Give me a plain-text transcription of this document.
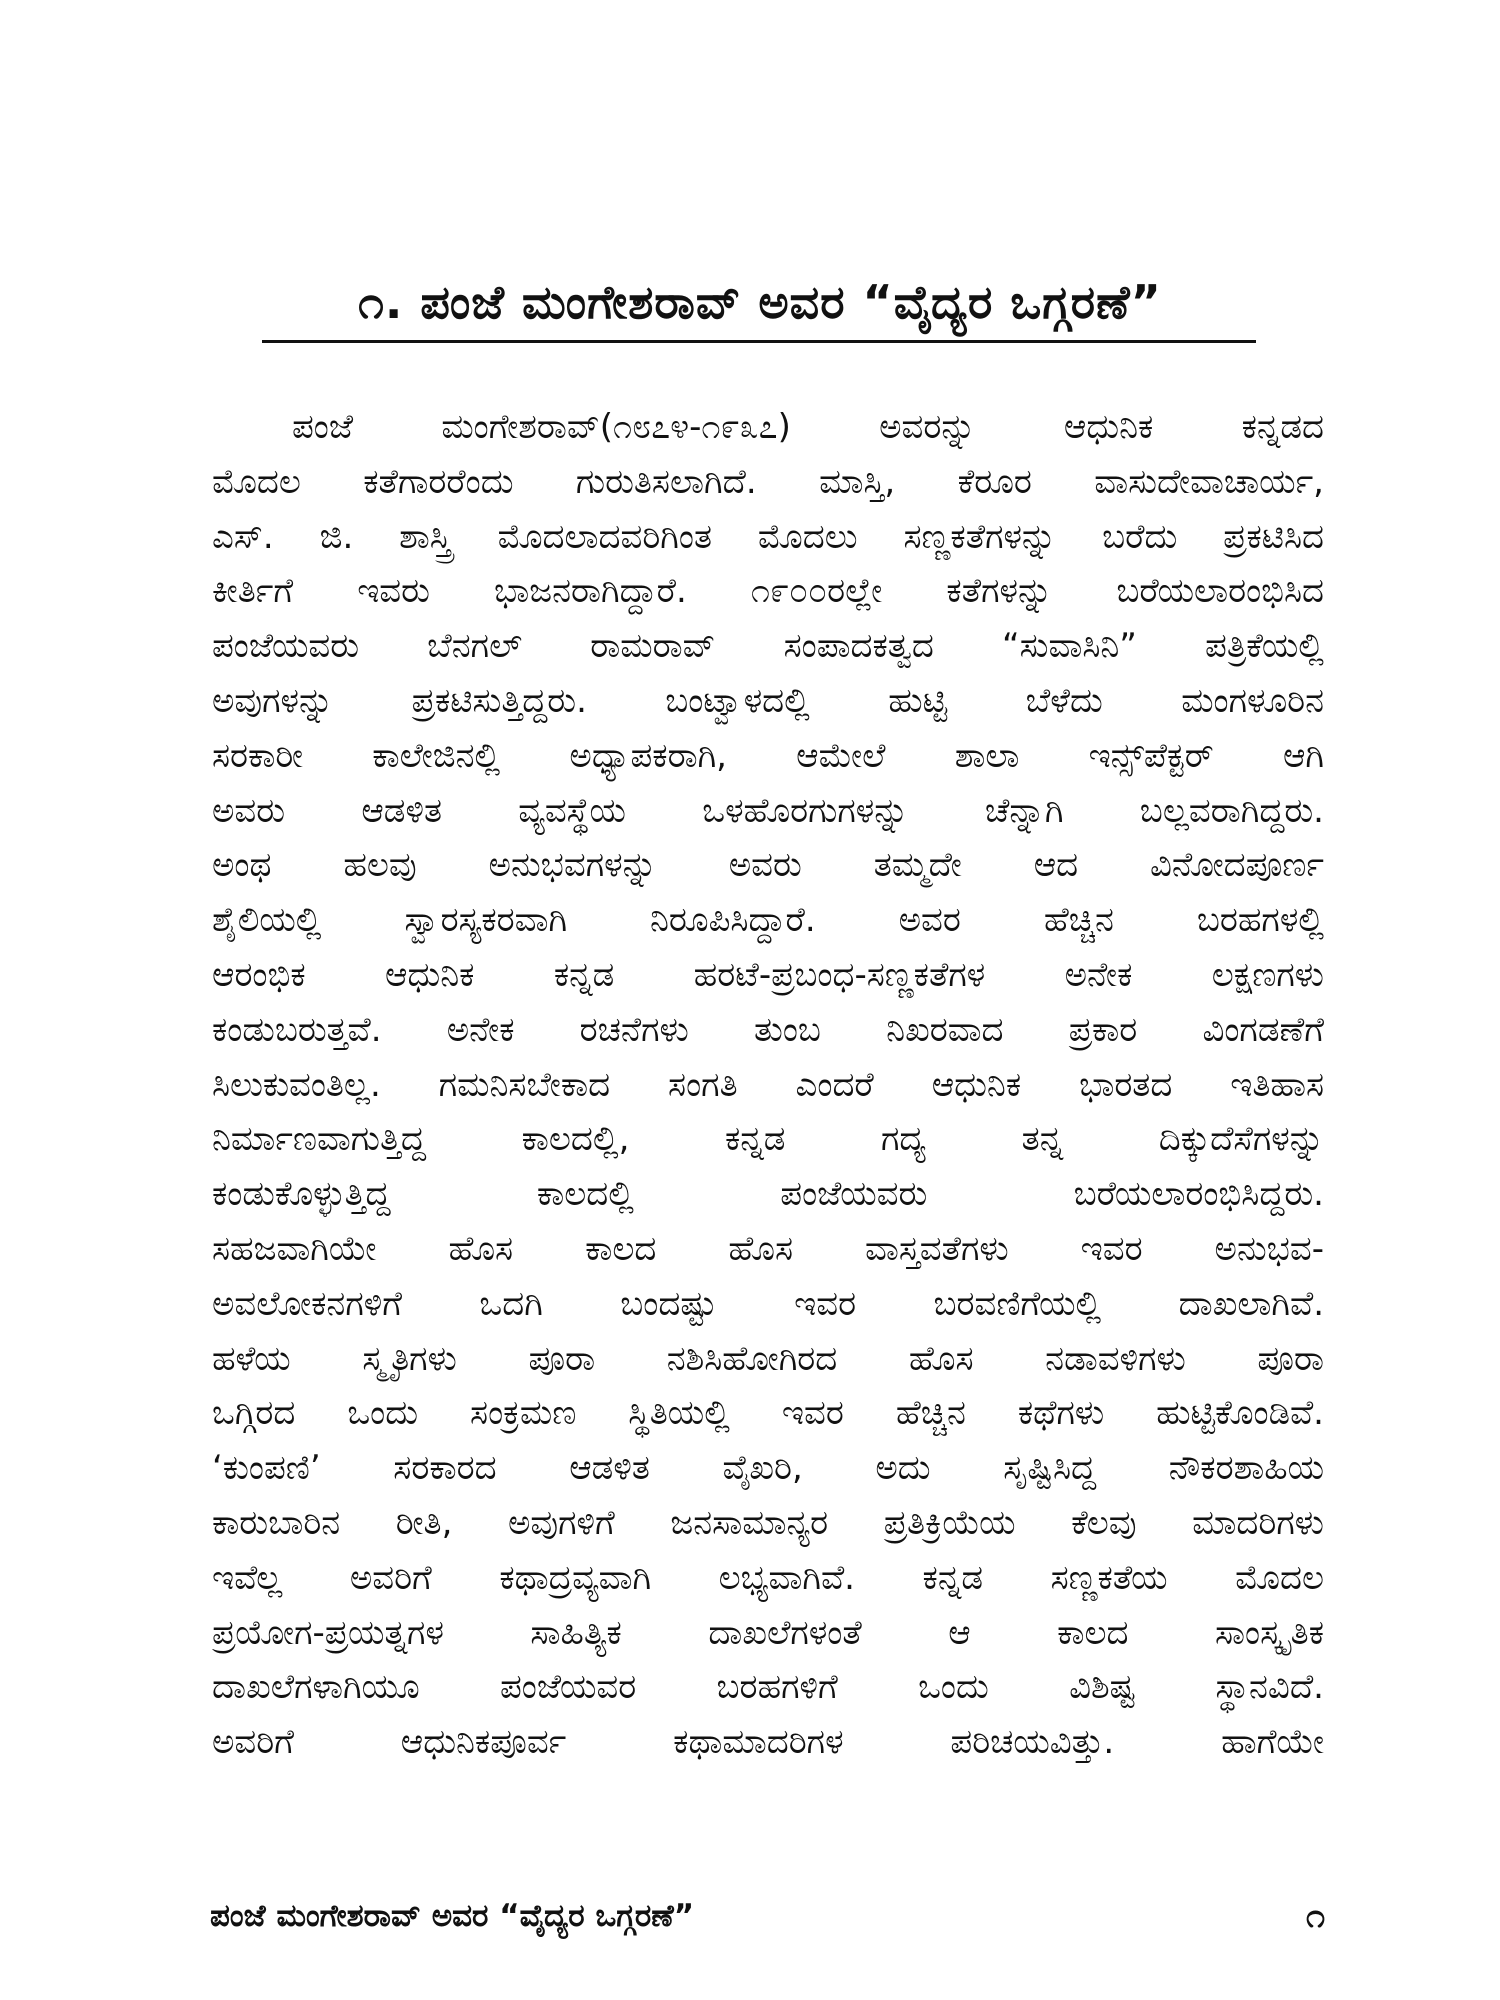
೧. ಪಂಜೆ ಮಂಗೇಶರಾವ್ ಅವರ “ವೈದ್ಯರ ಒಗ್ಗರಣೆ”
ಪಂಜೆ ಮಂಗೇಶರಾವ್(೧೮೭೪-೧೯೩೭) ಅವರನ್ನು ಆಧುನಿಕ ಕನ್ನಡದ
ಮೊದಲ ಕತೆಗಾರರೆಂದು ಗುರುತಿಸಲಾಗಿದೆ. ಮಾಸ್ತಿ, ಕೆರೂರ ವಾಸುದೇವಾಚಾರ್ಯ,
ಎಸ್. ಜಿ. ಶಾಸ್ತ್ರಿ ಮೊದಲಾದವರಿಗಿಂತ ಮೊದಲು ಸಣ್ಣಕತೆಗಳನ್ನು ಬರೆದು ಪ್ರಕಟಿಸಿದ
ಕೀರ್ತಿಗೆ ಇವರು ಭಾಜನರಾಗಿದ್ದಾರೆ. ೧೯೦೦ರಲ್ಲೇ ಕತೆಗಳನ್ನು ಬರೆಯಲಾರಂಭಿಸಿದ
ಪಂಜೆಯವರು ಬೆನಗಲ್ ರಾಮರಾವ್ ಸಂಪಾದಕತ್ವದ “ಸುವಾಸಿನಿ” ಪತ್ರಿಕೆಯಲ್ಲಿ
ಅವುಗಳನ್ನು ಪ್ರಕಟಿಸುತ್ತಿದ್ದರು. ಬಂಟ್ವಾಳದಲ್ಲಿ ಹುಟ್ಟಿ ಬೆಳೆದು ಮಂಗಳೂರಿನ
ಸರಕಾರೀ ಕಾಲೇಜಿನಲ್ಲಿ ಅಧ್ಯಾಪಕರಾಗಿ, ಆಮೇಲೆ ಶಾಲಾ ಇನ್ಸ್‌ಪೆಕ್ಟರ್ ಆಗಿ
ಅವರು ಆಡಳಿತ ವ್ಯವಸ್ಥೆಯ ಒಳಹೊರಗುಗಳನ್ನು ಚೆನ್ನಾಗಿ ಬಲ್ಲವರಾಗಿದ್ದರು.
ಅಂಥ ಹಲವು ಅನುಭವಗಳನ್ನು ಅವರು ತಮ್ಮದೇ ಆದ ವಿನೋದಪೂರ್ಣ
ಶೈಲಿಯಲ್ಲಿ ಸ್ವಾರಸ್ಯಕರವಾಗಿ ನಿರೂಪಿಸಿದ್ದಾರೆ. ಅವರ ಹೆಚ್ಚಿನ ಬರಹಗಳಲ್ಲಿ
ಆರಂಭಿಕ ಆಧುನಿಕ ಕನ್ನಡ ಹರಟೆ-ಪ್ರಬಂಧ-ಸಣ್ಣಕತೆಗಳ ಅನೇಕ ಲಕ್ಷಣಗಳು
ಕಂಡುಬರುತ್ತವೆ. ಅನೇಕ ರಚನೆಗಳು ತುಂಬ ನಿಖರವಾದ ಪ್ರಕಾರ ವಿಂಗಡಣೆಗೆ
ಸಿಲುಕುವಂತಿಲ್ಲ. ಗಮನಿಸಬೇಕಾದ ಸಂಗತಿ ಎಂದರೆ ಆಧುನಿಕ ಭಾರತದ ಇತಿಹಾಸ
ನಿರ್ಮಾಣವಾಗುತ್ತಿದ್ದ ಕಾಲದಲ್ಲಿ, ಕನ್ನಡ ಗದ್ಯ ತನ್ನ ದಿಕ್ಕುದೆಸೆಗಳನ್ನು
ಕಂಡುಕೊಳ್ಳುತ್ತಿದ್ದ ಕಾಲದಲ್ಲಿ ಪಂಜೆಯವರು ಬರೆಯಲಾರಂಭಿಸಿದ್ದರು.
ಸಹಜವಾಗಿಯೇ ಹೊಸ ಕಾಲದ ಹೊಸ ವಾಸ್ತವತೆಗಳು ಇವರ ಅನುಭವ-
ಅವಲೋಕನಗಳಿಗೆ ಒದಗಿ ಬಂದಷ್ಟು ಇವರ ಬರವಣಿಗೆಯಲ್ಲಿ ದಾಖಲಾಗಿವೆ.
ಹಳೆಯ ಸ್ಮೃತಿಗಳು ಪೂರಾ ನಶಿಸಿಹೋಗಿರದ ಹೊಸ ನಡಾವಳಿಗಳು ಪೂರಾ
ಒಗ್ಗಿರದ ಒಂದು ಸಂಕ್ರಮಣ ಸ್ಥಿತಿಯಲ್ಲಿ ಇವರ ಹೆಚ್ಚಿನ ಕಥೆಗಳು ಹುಟ್ಟಿಕೊಂಡಿವೆ.
‘ಕುಂಪಣಿ’ ಸರಕಾರದ ಆಡಳಿತ ವೈಖರಿ, ಅದು ಸೃಷ್ಟಿಸಿದ್ದ ನೌಕರಶಾಹಿಯ
ಕಾರುಬಾರಿನ ರೀತಿ, ಅವುಗಳಿಗೆ ಜನಸಾಮಾನ್ಯರ ಪ್ರತಿಕ್ರಿಯೆಯ ಕೆಲವು ಮಾದರಿಗಳು
ಇವೆಲ್ಲ ಅವರಿಗೆ ಕಥಾದ್ರವ್ಯವಾಗಿ ಲಭ್ಯವಾಗಿವೆ. ಕನ್ನಡ ಸಣ್ಣಕತೆಯ ಮೊದಲ
ಪ್ರಯೋಗ-ಪ್ರಯತ್ನಗಳ ಸಾಹಿತ್ಯಿಕ ದಾಖಲೆಗಳಂತೆ ಆ ಕಾಲದ ಸಾಂಸ್ಕೃತಿಕ
ದಾಖಲೆಗಳಾಗಿಯೂ ಪಂಜೆಯವರ ಬರಹಗಳಿಗೆ ಒಂದು ವಿಶಿಷ್ಟ ಸ್ಥಾನವಿದೆ.
ಅವರಿಗೆ ಆಧುನಿಕಪೂರ್ವ ಕಥಾಮಾದರಿಗಳ ಪರಿಚಯವಿತ್ತು. ಹಾಗೆಯೇ
ಪಂಜೆ ಮಂಗೇಶರಾವ್ ಅವರ “ವೈದ್ಯರ ಒಗ್ಗರಣೆ”	೧
